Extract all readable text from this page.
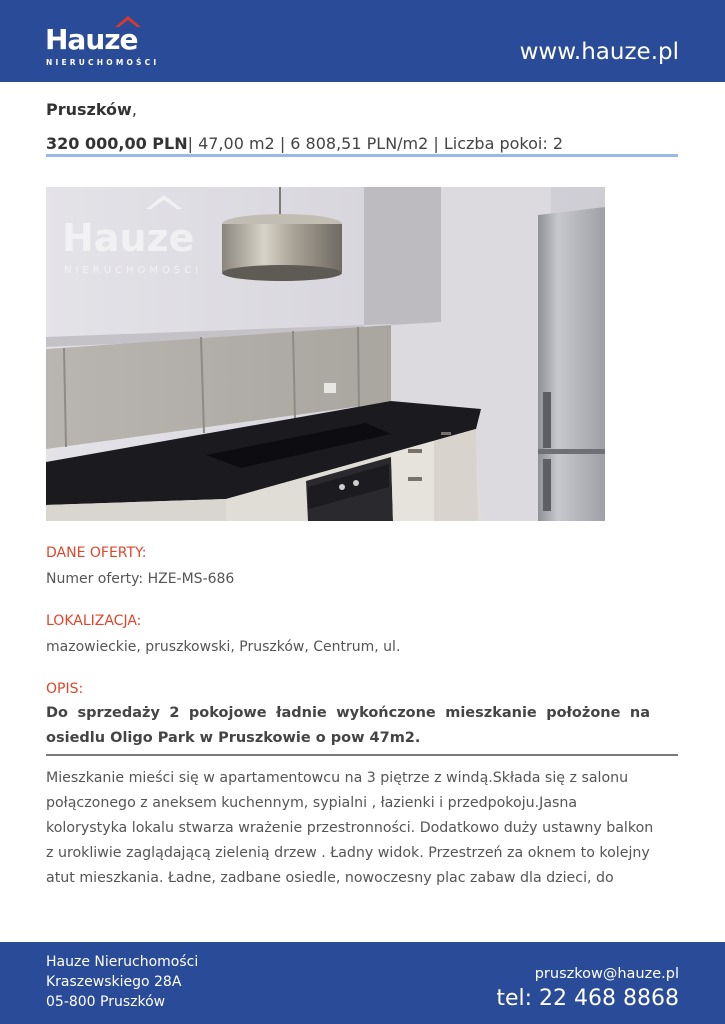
Hauze
NIERUCHOMOŚCI	www.hauze.pl
Pruszków,
320 000,00 PLN| 47,00 m2 | 6 808,51 PLN/m2 | Liczba pokoi: 2
Hauze
NIERUCHOMOŚCI
DANE OFERTY:
Numer oferty: HZE-MS-686
LOKALIZACJA:
mazowieckie, pruszkowski, Pruszków, Centrum, ul.
OPIS:
Do sprzedaży 2 pokojowe ładnie wykończone mieszkanie położone na osiedlu Oligo Park w Pruszkowie o pow 47m2.
Mieszkanie mieści się w apartamentowcu na 3 piętrze z windą.Składa się z salonu
połączonego z aneksem kuchennym, sypialni , łazienki i przedpokoju.Jasna
kolorystyka lokalu stwarza wrażenie przestronności. Dodatkowo duży ustawny balkon
z urokliwie zaglądającą zielenią drzew . Ładny widok. Przestrzeń za oknem to kolejny
atut mieszkania. Ładne, zadbane osiedle, nowoczesny plac zabaw dla dzieci, do
Hauze Nieruchomości
Kraszewskiego 28A
05-800 Pruszków
pruszkow@hauze.pl
tel: 22 468 8868
